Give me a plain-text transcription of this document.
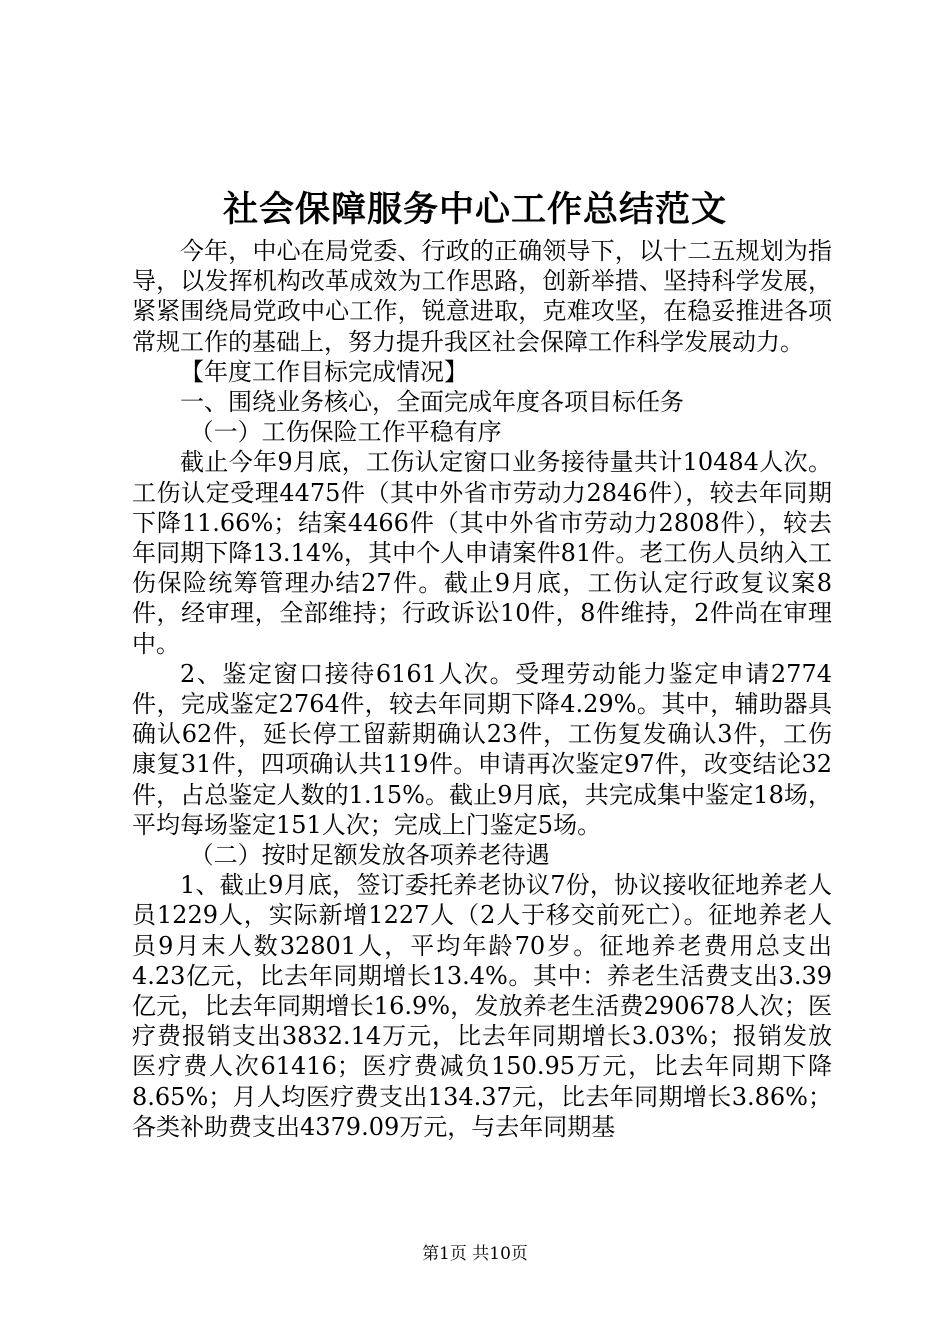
社会保障服务中心工作总结范文

今年，中心在局党委、行政的正确领导下，以十二五规划为指导，以发挥机构改革成效为工作思路，创新举措、坚持科学发展，紧紧围绕局党政中心工作，锐意进取，克难攻坚，在稳妥推进各项常规工作的基础上，努力提升我区社会保障工作科学发展动力。

【年度工作目标完成情况】

一、围绕业务核心，全面完成年度各项目标任务

（一）工伤保险工作平稳有序

截止今年9月底，工伤认定窗口业务接待量共计10484人次。工伤认定受理4475件（其中外省市劳动力2846件），较去年同期下降11.66%；结案4466件（其中外省市劳动力2808件），较去年同期下降13.14%，其中个人申请案件81件。老工伤人员纳入工伤保险统筹管理办结27件。截止9月底，工伤认定行政复议案8件，经审理，全部维持；行政诉讼10件，8件维持，2件尚在审理中。

2、鉴定窗口接待6161人次。受理劳动能力鉴定申请2774件，完成鉴定2764件，较去年同期下降4.29%。其中，辅助器具确认62件，延长停工留薪期确认23件，工伤复发确认3件，工伤康复31件，四项确认共119件。申请再次鉴定97件，改变结论32件，占总鉴定人数的1.15%。截止9月底，共完成集中鉴定18场，平均每场鉴定151人次；完成上门鉴定5场。

（二）按时足额发放各项养老待遇

1、截止9月底，签订委托养老协议7份，协议接收征地养老人员1229人，实际新增1227人（2人于移交前死亡）。征地养老人员9月末人数32801人，平均年龄70岁。征地养老费用总支出4.23亿元，比去年同期增长13.4%。其中：养老生活费支出3.39亿元，比去年同期增长16.9%，发放养老生活费290678人次；医疗费报销支出3832.14万元，比去年同期增长3.03%；报销发放医疗费人次61416；医疗费减负150.95万元，比去年同期下降8.65%；月人均医疗费支出134.37元，比去年同期增长3.86%；各类补助费支出4379.09万元，与去年同期基

第1页 共10页
